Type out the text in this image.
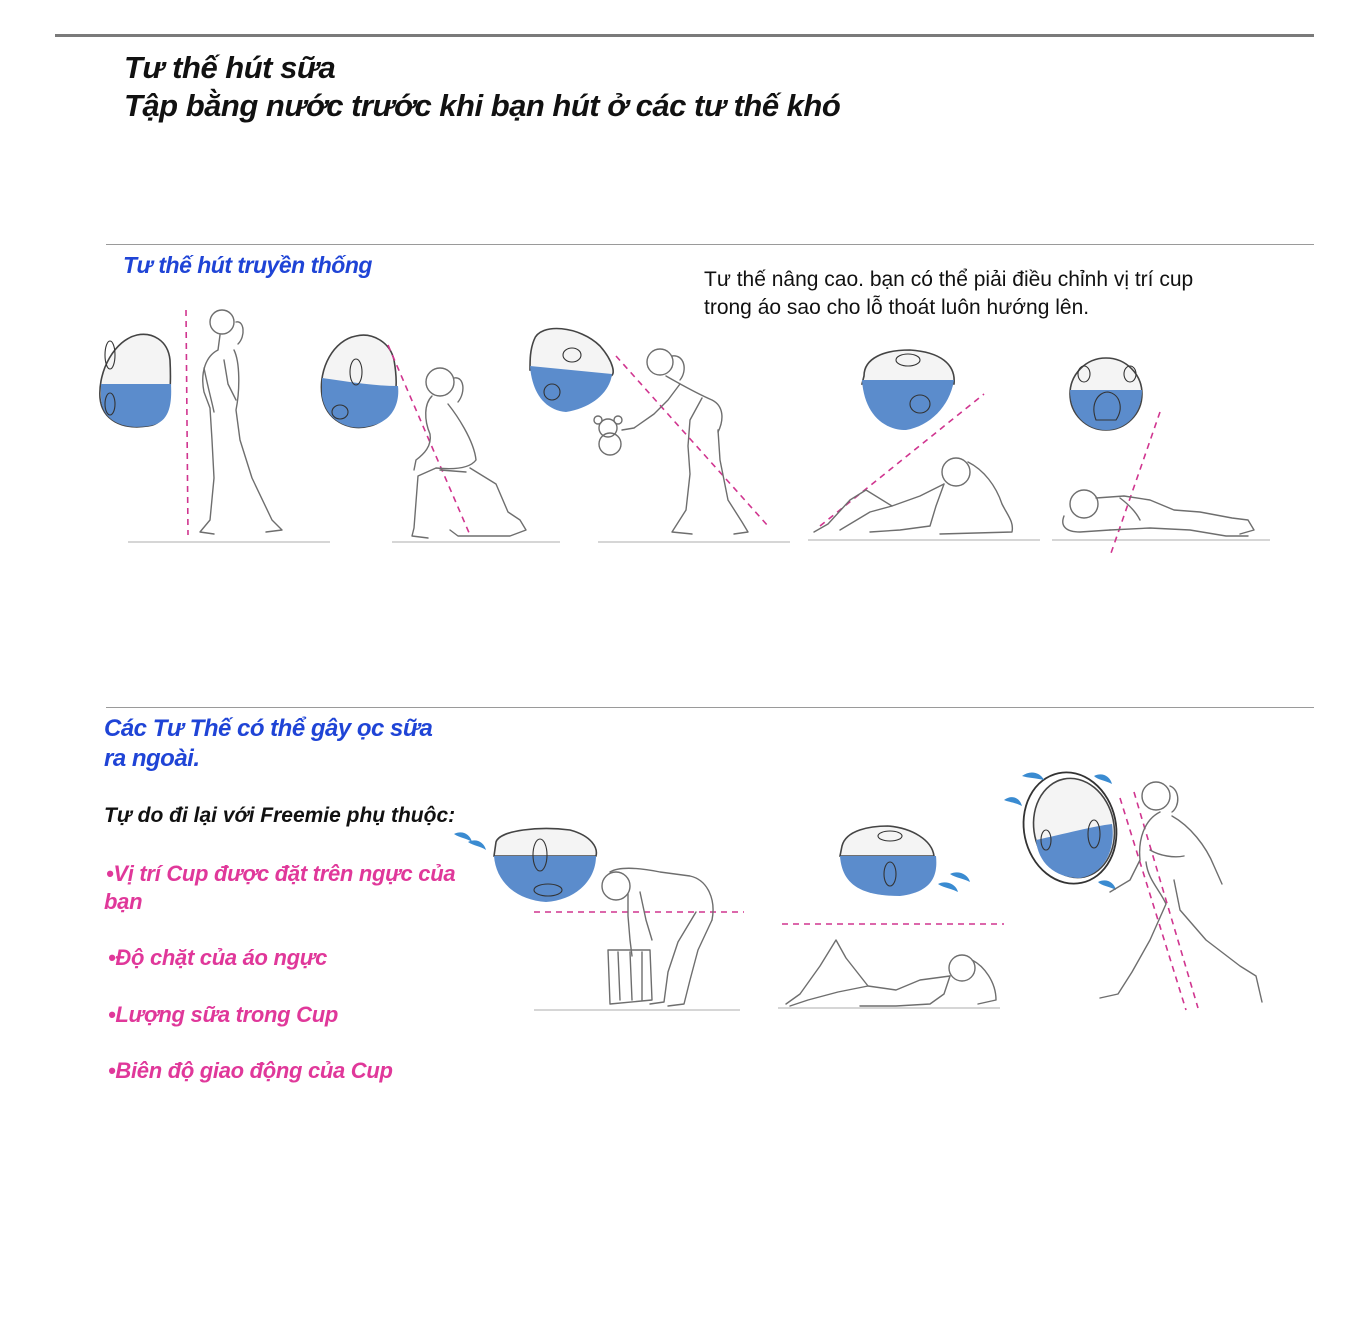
Tư thế hút sữa
Tập bằng nước trước khi bạn hút ở các tư thế khó
Tư thế hút truyền thống
Tư thế nâng cao. bạn có thể piải điều chỉnh vị trí cup
trong áo sao cho lỗ thoát luôn hướng lên.
Các Tư Thế có thể gây ọc sữa
ra ngoài.
Tự do đi lại với Freemie phụ thuộc:
•Vị trí Cup được đặt trên ngực của
bạn
•Độ chặt của áo ngực
•Lượng sữa trong Cup
•Biên độ giao động của Cup
